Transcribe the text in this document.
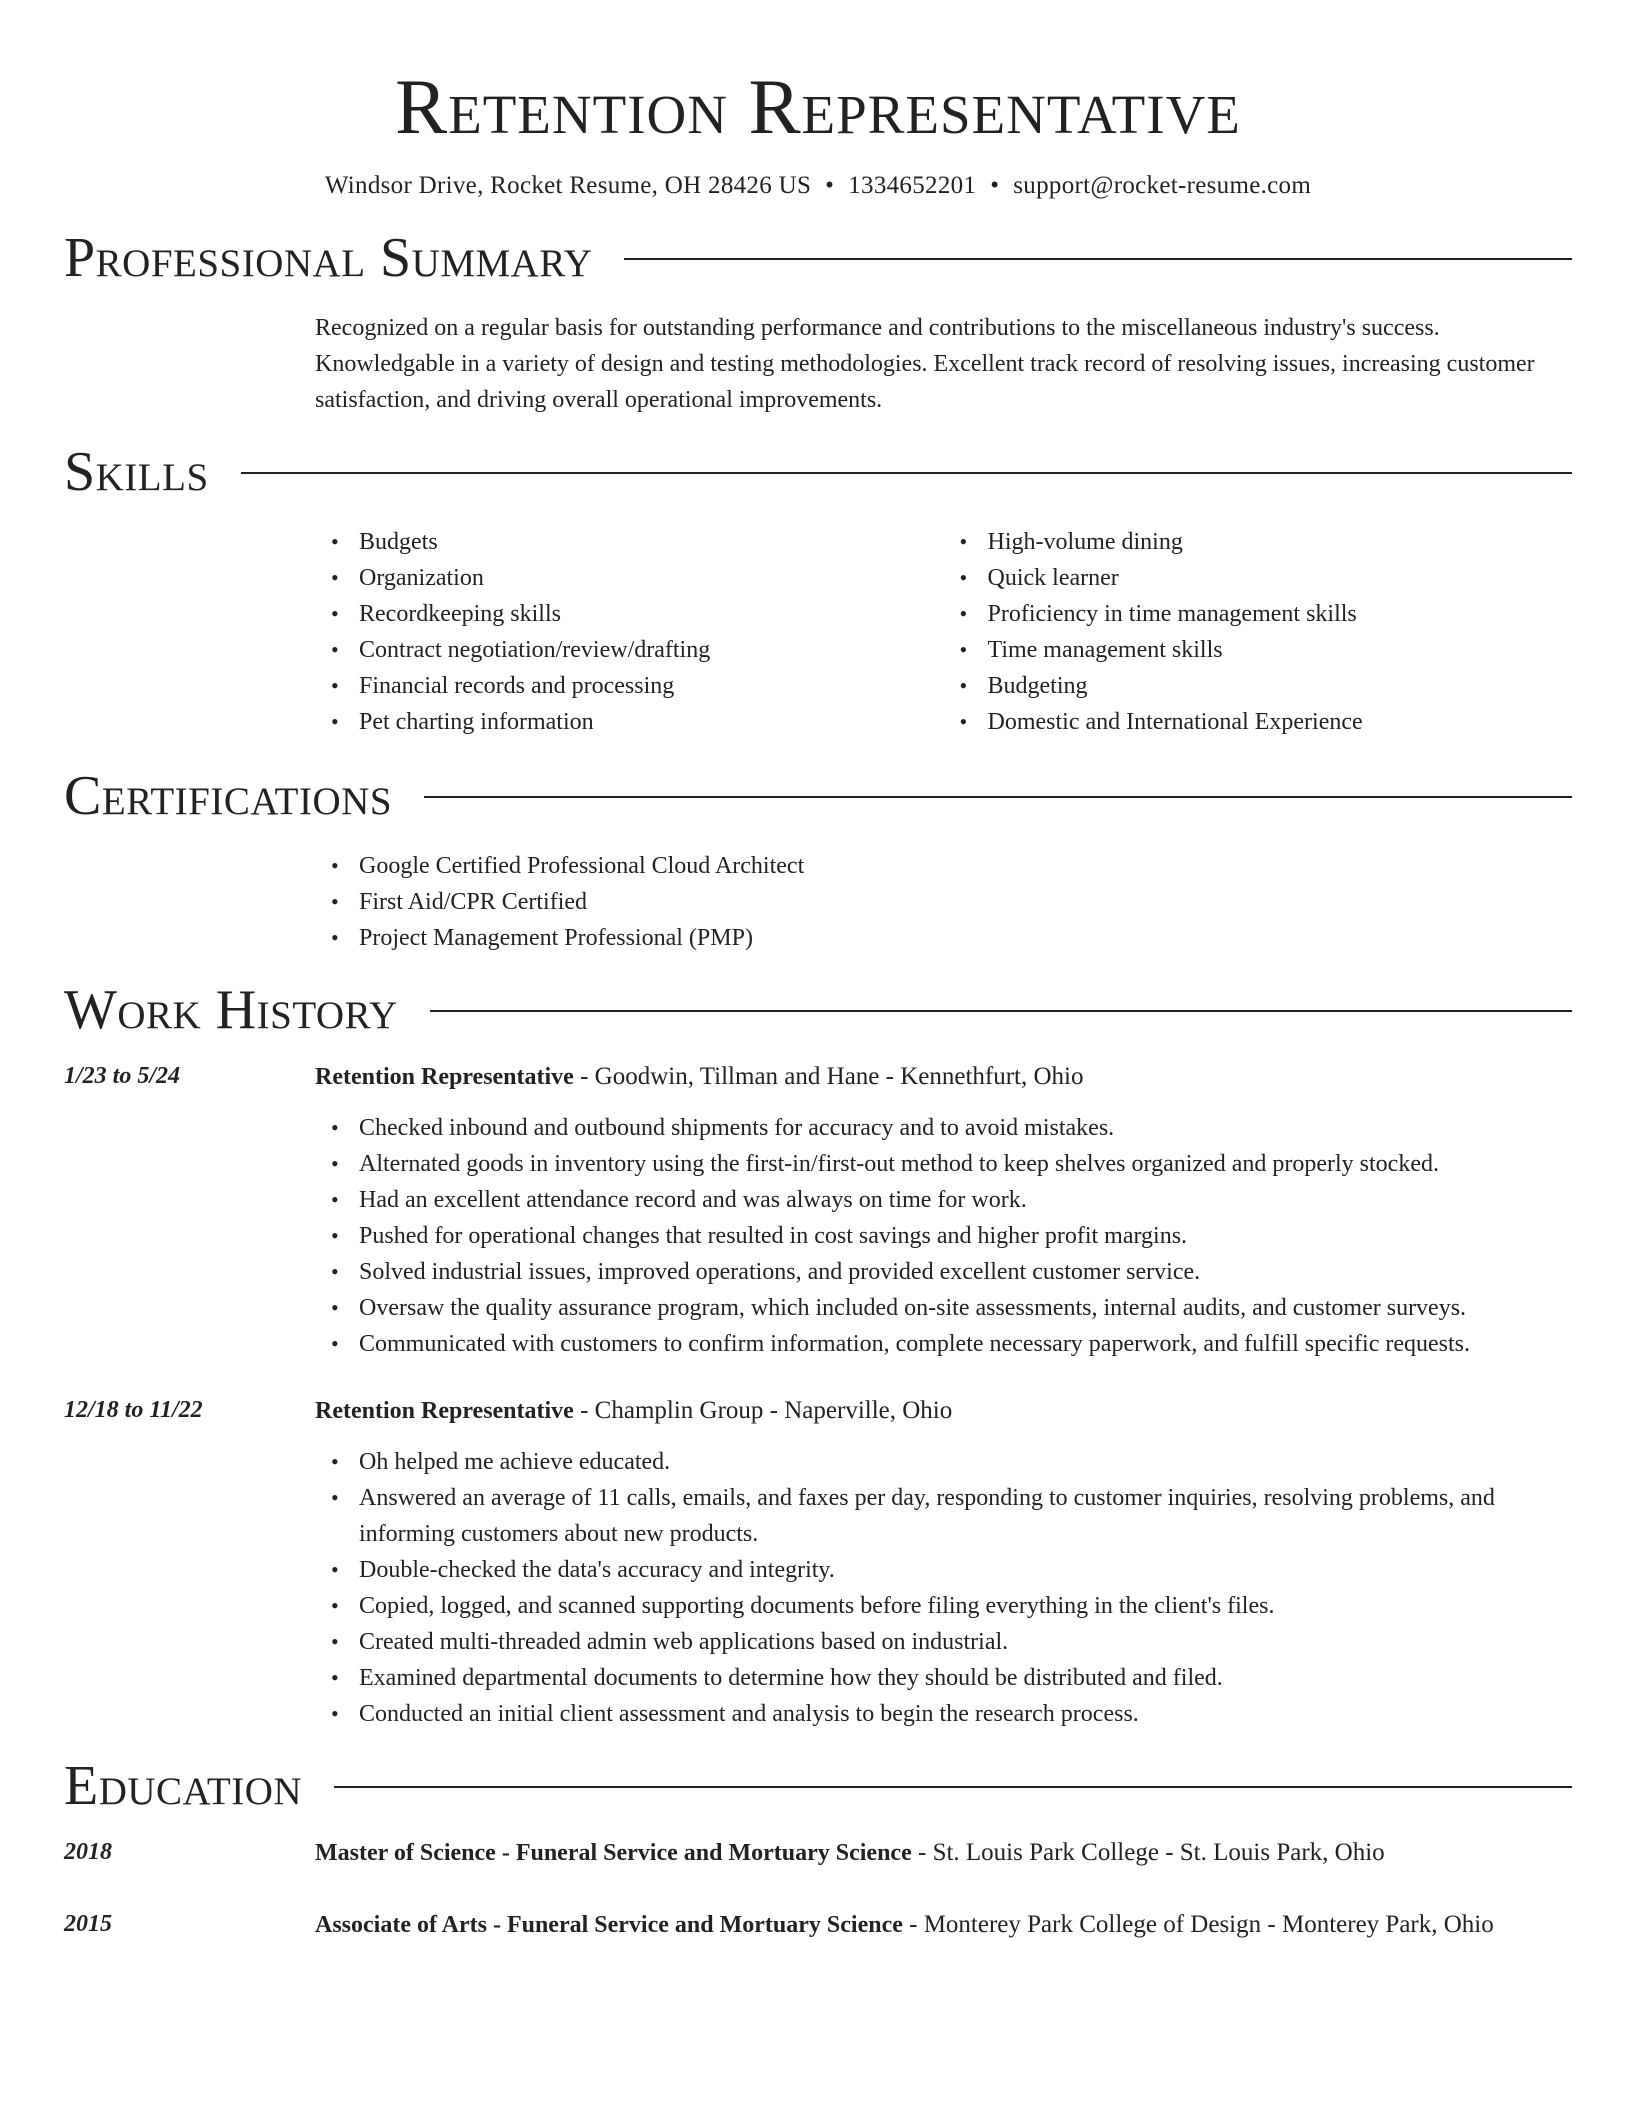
Retention Representative
Windsor Drive, Rocket Resume, OH 28426 US • 1334652201 • support@rocket-resume.com
Professional Summary
Recognized on a regular basis for outstanding performance and contributions to the miscellaneous industry's success. Knowledgable in a variety of design and testing methodologies. Excellent track record of resolving issues, increasing customer satisfaction, and driving overall operational improvements.
Skills
• Budgets
• Organization
• Recordkeeping skills
• Contract negotiation/review/drafting
• Financial records and processing
• Pet charting information
• High-volume dining
• Quick learner
• Proficiency in time management skills
• Time management skills
• Budgeting
• Domestic and International Experience
Certifications
• Google Certified Professional Cloud Architect
• First Aid/CPR Certified
• Project Management Professional (PMP)
Work History
1/23 to 5/24	Retention Representative - Goodwin, Tillman and Hane - Kennethfurt, Ohio
• Checked inbound and outbound shipments for accuracy and to avoid mistakes.
• Alternated goods in inventory using the first-in/first-out method to keep shelves organized and properly stocked.
• Had an excellent attendance record and was always on time for work.
• Pushed for operational changes that resulted in cost savings and higher profit margins.
• Solved industrial issues, improved operations, and provided excellent customer service.
• Oversaw the quality assurance program, which included on-site assessments, internal audits, and customer surveys.
• Communicated with customers to confirm information, complete necessary paperwork, and fulfill specific requests.
12/18 to 11/22	Retention Representative - Champlin Group - Naperville, Ohio
• Oh helped me achieve educated.
• Answered an average of 11 calls, emails, and faxes per day, responding to customer inquiries, resolving problems, and informing customers about new products.
• Double-checked the data's accuracy and integrity.
• Copied, logged, and scanned supporting documents before filing everything in the client's files.
• Created multi-threaded admin web applications based on industrial.
• Examined departmental documents to determine how they should be distributed and filed.
• Conducted an initial client assessment and analysis to begin the research process.
Education
2018	Master of Science - Funeral Service and Mortuary Science - St. Louis Park College - St. Louis Park, Ohio
2015	Associate of Arts - Funeral Service and Mortuary Science - Monterey Park College of Design - Monterey Park, Ohio
